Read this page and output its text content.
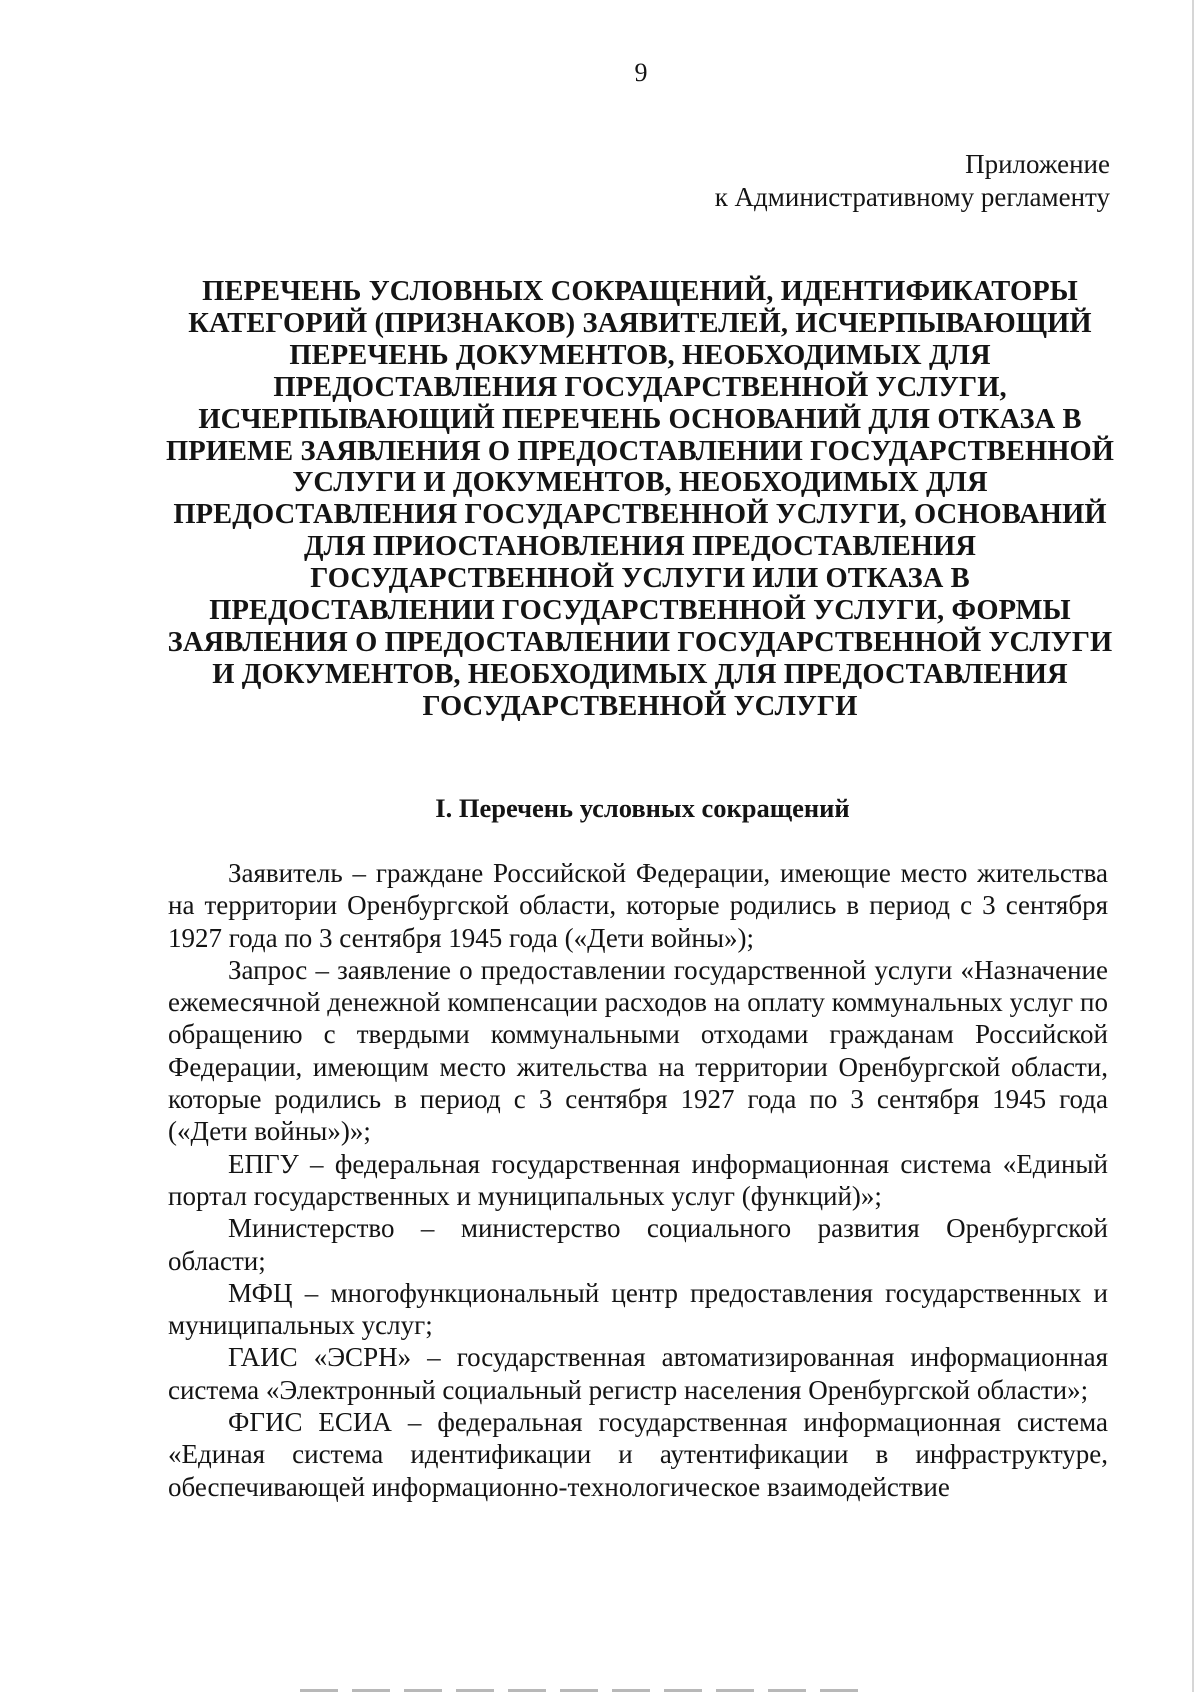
9
Приложение
к Административному регламенту
ПЕРЕЧЕНЬ УСЛОВНЫХ СОКРАЩЕНИЙ, ИДЕНТИФИКАТОРЫ
КАТЕГОРИЙ (ПРИЗНАКОВ) ЗАЯВИТЕЛЕЙ, ИСЧЕРПЫВАЮЩИЙ
ПЕРЕЧЕНЬ ДОКУМЕНТОВ, НЕОБХОДИМЫХ ДЛЯ
ПРЕДОСТАВЛЕНИЯ ГОСУДАРСТВЕННОЙ УСЛУГИ,
ИСЧЕРПЫВАЮЩИЙ ПЕРЕЧЕНЬ ОСНОВАНИЙ ДЛЯ ОТКАЗА В
ПРИЕМЕ ЗАЯВЛЕНИЯ О ПРЕДОСТАВЛЕНИИ ГОСУДАРСТВЕННОЙ
УСЛУГИ И ДОКУМЕНТОВ, НЕОБХОДИМЫХ ДЛЯ
ПРЕДОСТАВЛЕНИЯ ГОСУДАРСТВЕННОЙ УСЛУГИ, ОСНОВАНИЙ
ДЛЯ ПРИОСТАНОВЛЕНИЯ ПРЕДОСТАВЛЕНИЯ
ГОСУДАРСТВЕННОЙ УСЛУГИ ИЛИ ОТКАЗА В
ПРЕДОСТАВЛЕНИИ ГОСУДАРСТВЕННОЙ УСЛУГИ, ФОРМЫ
ЗАЯВЛЕНИЯ О ПРЕДОСТАВЛЕНИИ ГОСУДАРСТВЕННОЙ УСЛУГИ
И ДОКУМЕНТОВ, НЕОБХОДИМЫХ ДЛЯ ПРЕДОСТАВЛЕНИЯ
ГОСУДАРСТВЕННОЙ УСЛУГИ
I. Перечень условных сокращений

Заявитель – граждане Российской Федерации, имеющие место жительства на территории Оренбургской области, которые родились в период с 3 сентября 1927 года по 3 сентября 1945 года («Дети войны»);

Запрос – заявление о предоставлении государственной услуги «Назначение ежемесячной денежной компенсации расходов на оплату коммунальных услуг по обращению с твердыми коммунальными отходами гражданам Российской Федерации, имеющим место жительства на территории Оренбургской области, которые родились в период с 3 сентября 1927 года по 3 сентября 1945 года («Дети войны»)»;

ЕПГУ – федеральная государственная информационная система «Единый портал государственных и муниципальных услуг (функций)»;

Министерство – министерство социального развития Оренбургской области;

МФЦ – многофункциональный центр предоставления государственных и муниципальных услуг;

ГАИС «ЭСРН» – государственная автоматизированная информационная система «Электронный социальный регистр населения Оренбургской области»;

ФГИС ЕСИА – федеральная государственная информационная система «Единая система идентификации и аутентификации в инфраструктуре, обеспечивающей информационно-технологическое взаимодействие
